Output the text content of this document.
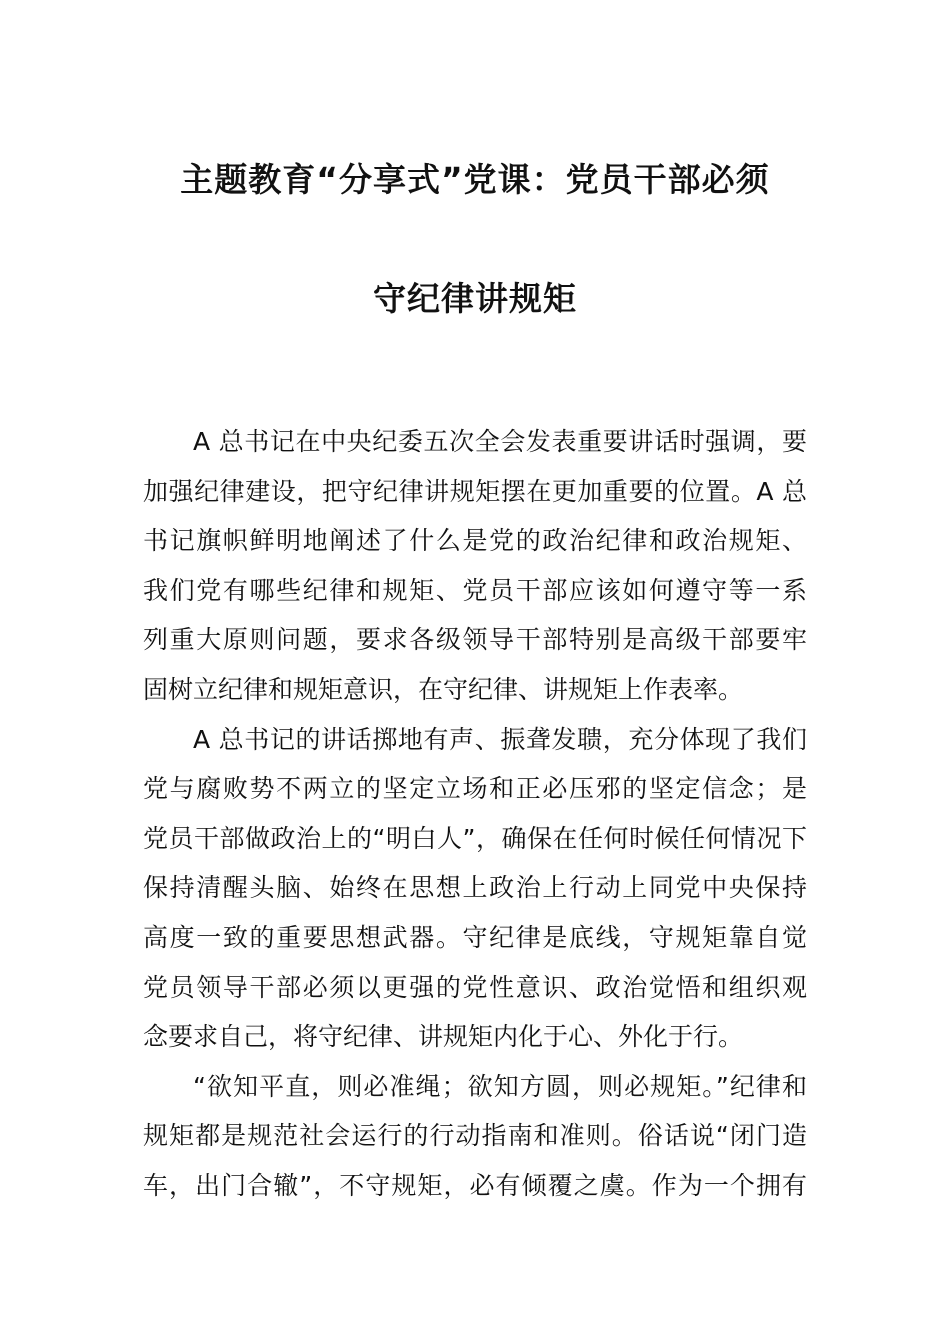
主题教育“分享式”党课：党员干部必须
守纪律讲规矩
A 总书记在中央纪委五次全会发表重要讲话时强调，要
加强纪律建设，把守纪律讲规矩摆在更加重要的位置。A 总
书记旗帜鲜明地阐述了什么是党的政治纪律和政治规矩、
我们党有哪些纪律和规矩、党员干部应该如何遵守等一系
列重大原则问题，要求各级领导干部特别是高级干部要牢
固树立纪律和规矩意识，在守纪律、讲规矩上作表率。
A 总书记的讲话掷地有声、振聋发聩，充分体现了我们
党与腐败势不两立的坚定立场和正必压邪的坚定信念；是
党员干部做政治上的“明白人”，确保在任何时候任何情况下
保持清醒头脑、始终在思想上政治上行动上同党中央保持
高度一致的重要思想武器。守纪律是底线，守规矩靠自觉
党员领导干部必须以更强的党性意识、政治觉悟和组织观
念要求自己，将守纪律、讲规矩内化于心、外化于行。
“欲知平直，则必准绳；欲知方圆，则必规矩。”纪律和
规矩都是规范社会运行的行动指南和准则。俗话说“闭门造
车，出门合辙”，不守规矩，必有倾覆之虞。作为一个拥有
